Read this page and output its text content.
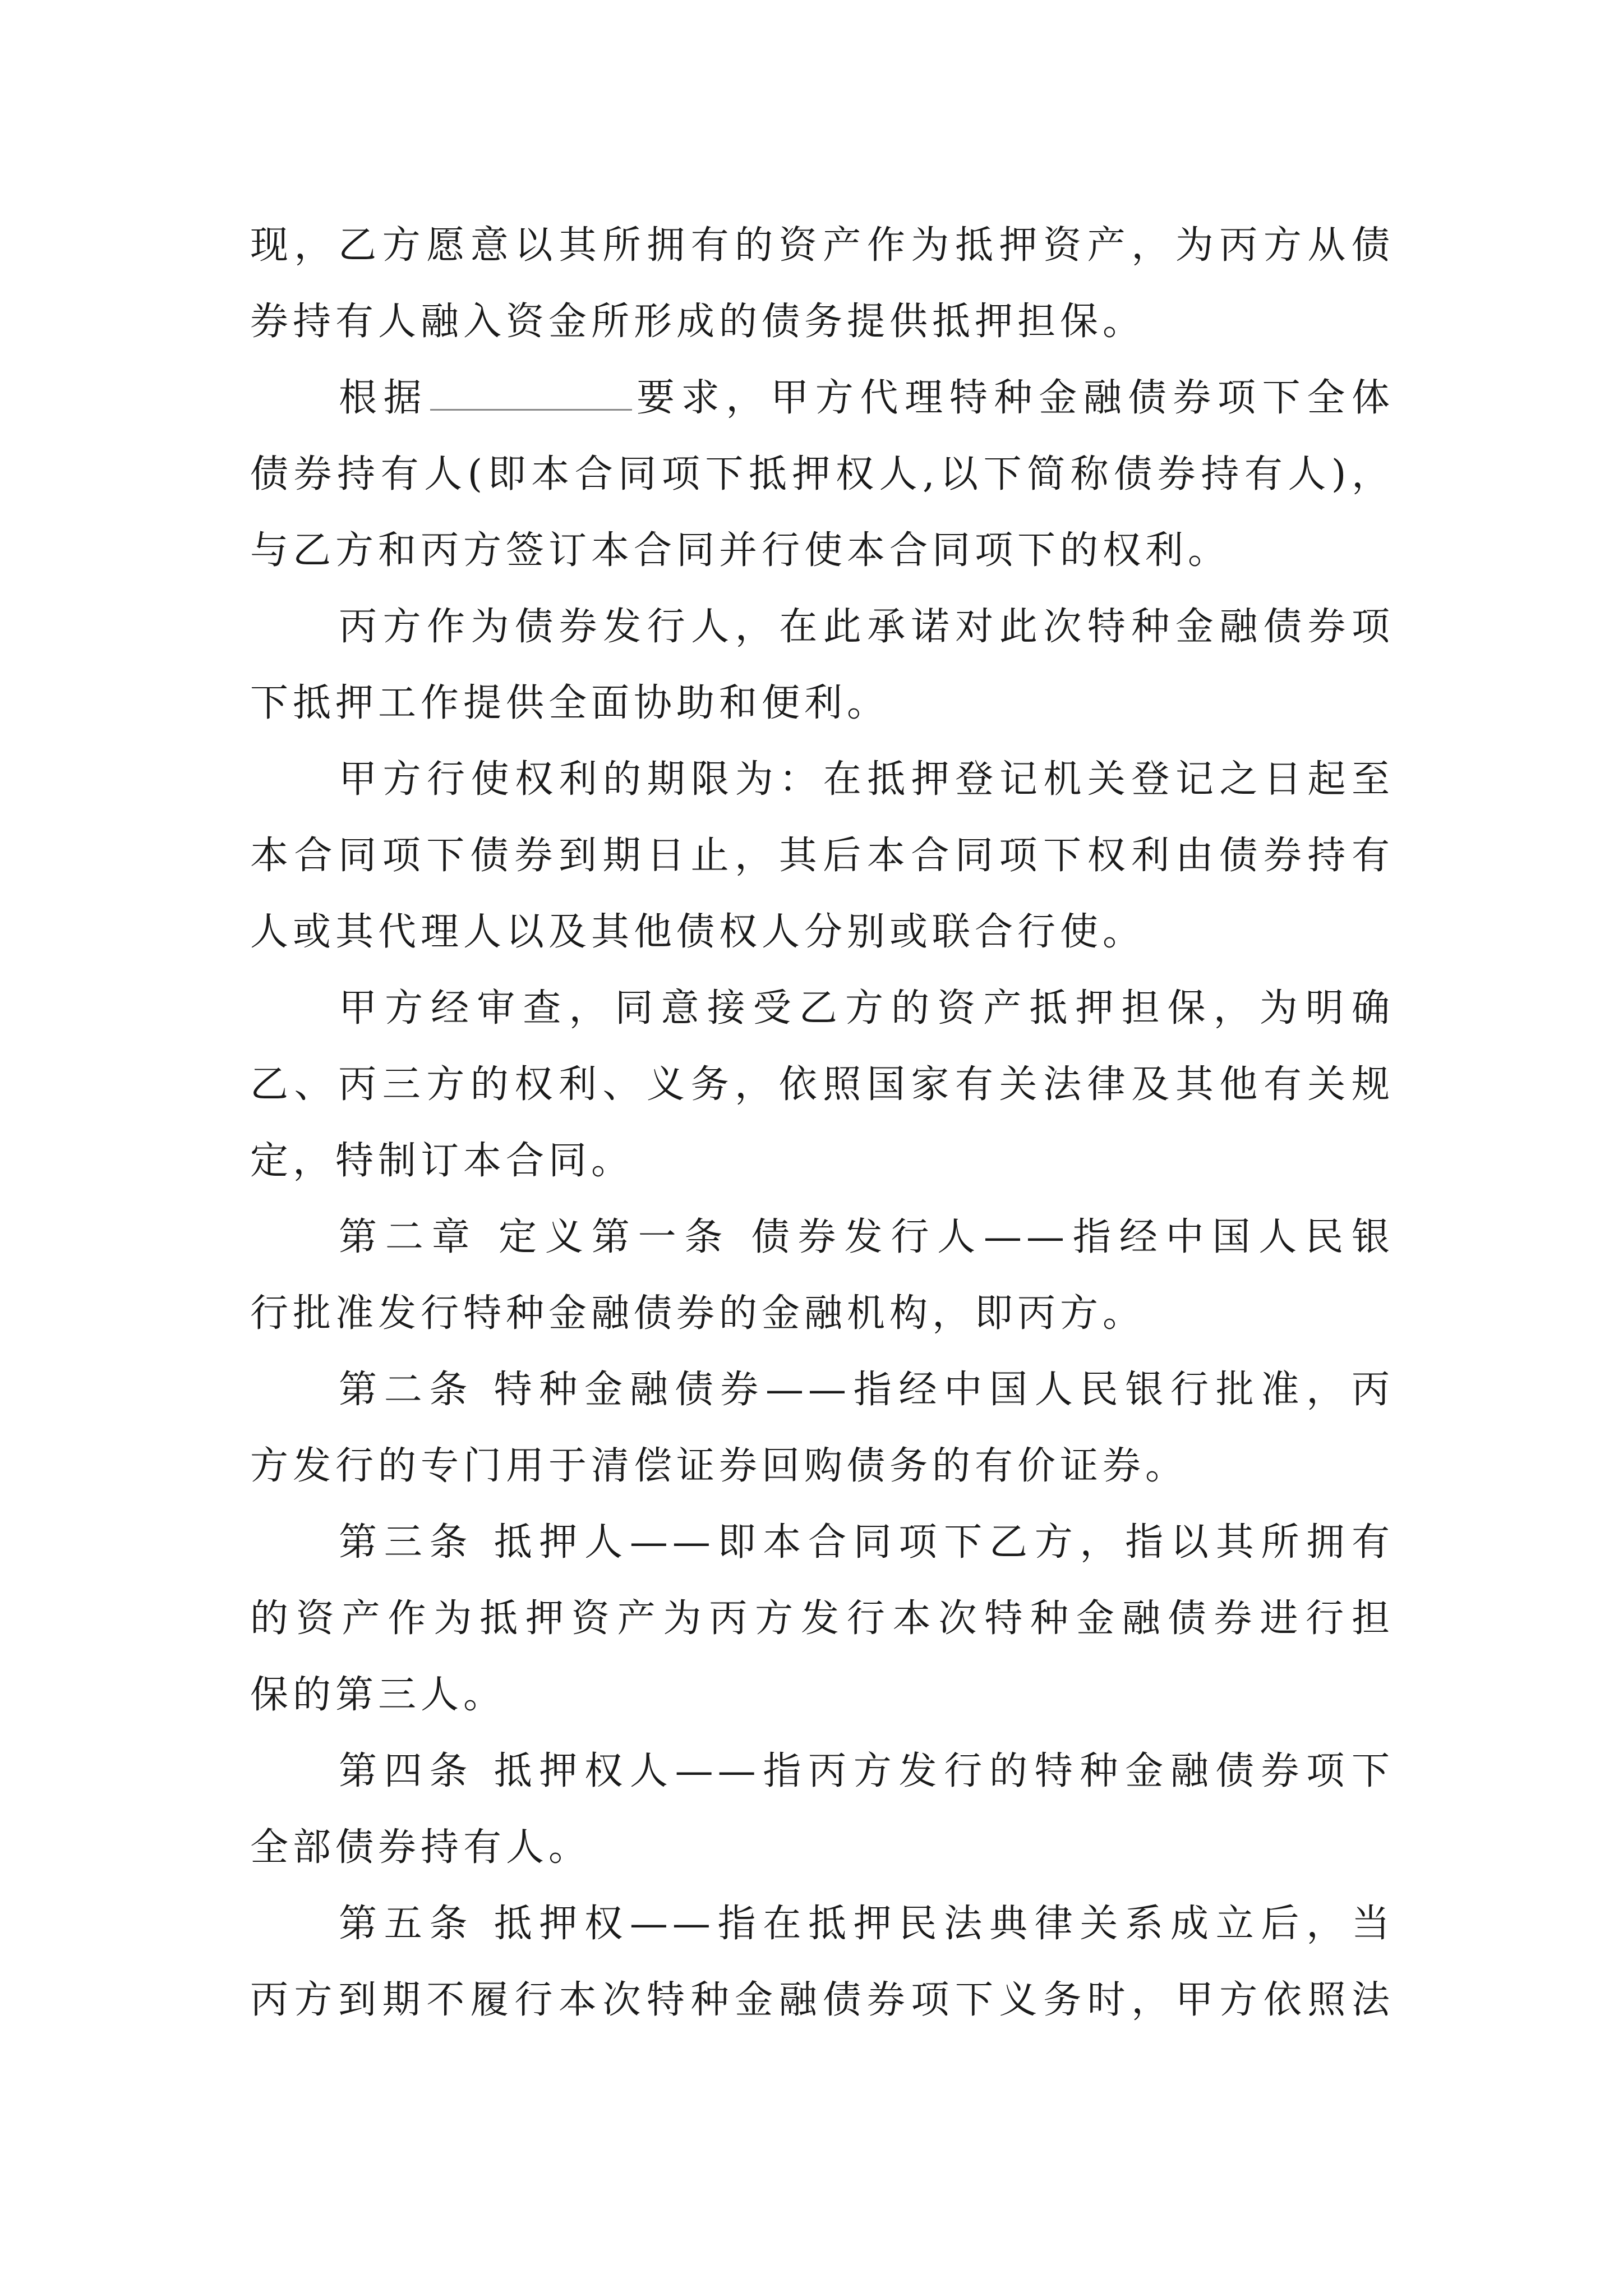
现，乙方愿意以其所拥有的资产作为抵押资产，为丙方从债
券持有人融入资金所形成的债务提供抵押担保。
根据	要求，甲方代理特种金融债券项下全体
债券持有人(即本合同项下抵押权人,以下简称债券持有人)，
与乙方和丙方签订本合同并行使本合同项下的权利。
丙方作为债券发行人，在此承诺对此次特种金融债券项
下抵押工作提供全面协助和便利。
甲方行使权利的期限为：在抵押登记机关登记之日起至
本合同项下债券到期日止，其后本合同项下权利由债券持有
人或其代理人以及其他债权人分别或联合行使。
甲方经审查，同意接受乙方的资产抵押担保，为明确
乙、丙三方的权利、义务，依照国家有关法律及其他有关规
定，特制订本合同。
第二章 定义第一条 债券发行人——指经中国人民银
行批准发行特种金融债券的金融机构，即丙方。
第二条 特种金融债券——指经中国人民银行批准，丙
方发行的专门用于清偿证券回购债务的有价证券。
第三条 抵押人——即本合同项下乙方，指以其所拥有
的资产作为抵押资产为丙方发行本次特种金融债券进行担
保的第三人。
第四条 抵押权人——指丙方发行的特种金融债券项下
全部债券持有人。
第五条 抵押权——指在抵押民法典律关系成立后，当
丙方到期不履行本次特种金融债券项下义务时，甲方依照法
